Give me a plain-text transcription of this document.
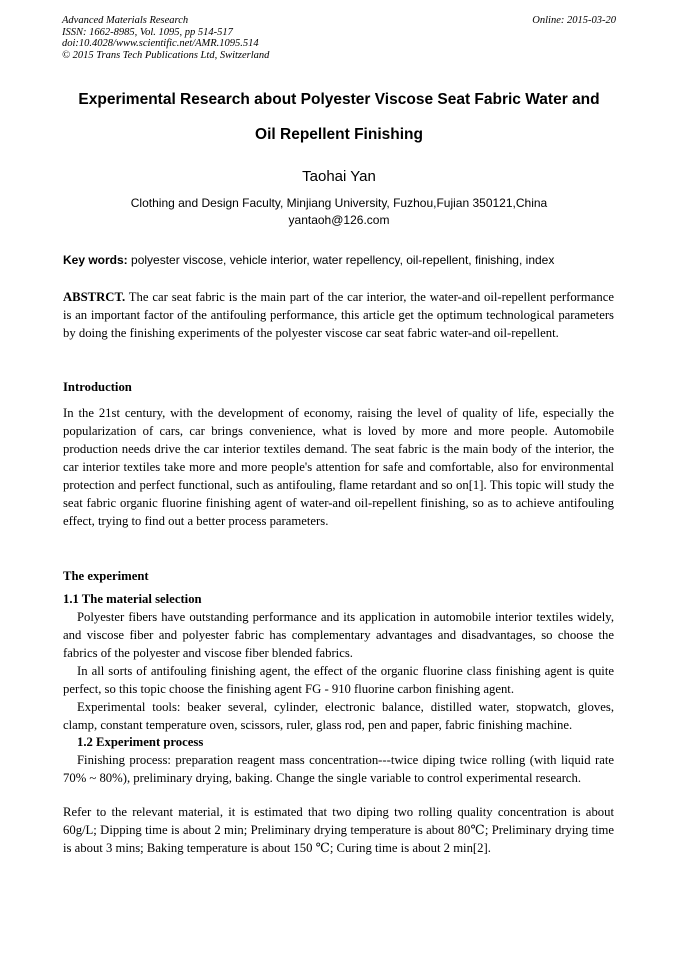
Advanced Materials Research
ISSN: 1662-8985, Vol. 1095, pp 514-517
doi:10.4028/www.scientific.net/AMR.1095.514
© 2015 Trans Tech Publications Ltd, Switzerland
Online: 2015-03-20
Experimental Research about Polyester Viscose Seat Fabric Water and
Oil Repellent Finishing
Taohai Yan
Clothing and Design Faculty, Minjiang University, Fuzhou,Fujian 350121,China
yantaoh@126.com
Key words: polyester viscose, vehicle interior, water repellency, oil-repellent, finishing, index
ABSTRCT. The car seat fabric is the main part of the car interior, the water-and oil-repellent performance is an important factor of the antifouling performance, this article get the optimum technological parameters by doing the finishing experiments of the polyester viscose car seat fabric water-and oil-repellent.
Introduction
In the 21st century, with the development of economy, raising the level of quality of life, especially the popularization of cars, car brings convenience, what is loved by more and more people. Automobile production needs drive the car interior textiles demand. The seat fabric is the main body of the interior, the car interior textiles take more and more people's attention for safe and comfortable, also for environmental protection and perfect functional, such as antifouling, flame retardant and so on[1]. This topic will study the seat fabric organic fluorine finishing agent of water-and oil-repellent finishing, so as to achieve antifouling effect, trying to find out a better process parameters.
The experiment
1.1 The material selection
Polyester fibers have outstanding performance and its application in automobile interior textiles widely, and viscose fiber and polyester fabric has complementary advantages and disadvantages, so choose the fabrics of the polyester and viscose fiber blended fabrics.
In all sorts of antifouling finishing agent, the effect of the organic fluorine class finishing agent is quite perfect, so this topic choose the finishing agent FG - 910 fluorine carbon finishing agent.
Experimental tools: beaker several, cylinder, electronic balance, distilled water, stopwatch, gloves, clamp, constant temperature oven, scissors, ruler, glass rod, pen and paper, fabric finishing machine.
1.2 Experiment process
Finishing process: preparation reagent mass concentration---twice diping twice rolling (with liquid rate 70% ~ 80%), preliminary drying, baking. Change the single variable to control experimental research.
Refer to the relevant material, it is estimated that two diping two rolling quality concentration is about 60g/L; Dipping time is about 2 min; Preliminary drying temperature is about 80℃; Preliminary drying time is about 3 mins; Baking temperature is about 150 ℃; Curing time is about 2 min[2].
